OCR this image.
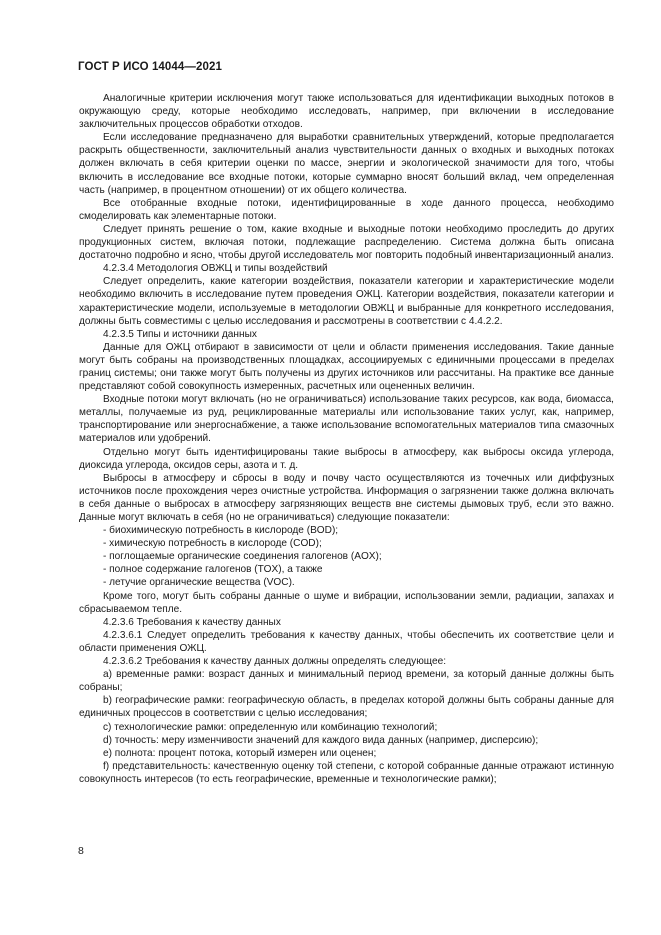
ГОСТ Р ИСО 14044—2021

Аналогичные критерии исключения могут также использоваться для идентификации выходных потоков в окружающую среду, которые необходимо исследовать, например, при включении в исследование заключительных процессов обработки отходов.

Если исследование предназначено для выработки сравнительных утверждений, которые предполагается раскрыть общественности, заключительный анализ чувствительности данных о входных и выходных потоках должен включать в себя критерии оценки по массе, энергии и экологической значимости для того, чтобы включить в исследование все входные потоки, которые суммарно вносят больший вклад, чем определенная часть (например, в процентном отношении) от их общего количества.

Все отобранные входные потоки, идентифицированные в ходе данного процесса, необходимо смоделировать как элементарные потоки.

Следует принять решение о том, какие входные и выходные потоки необходимо проследить до других продукционных систем, включая потоки, подлежащие распределению. Система должна быть описана достаточно подробно и ясно, чтобы другой исследователь мог повторить подобный инвентаризационный анализ.

4.2.3.4 Методология ОВЖЦ и типы воздействий

Следует определить, какие категории воздействия, показатели категории и характеристические модели необходимо включить в исследование путем проведения ОЖЦ. Категории воздействия, показатели категории и характеристические модели, используемые в методологии ОВЖЦ и выбранные для конкретного исследования, должны быть совместимы с целью исследования и рассмотрены в соответствии с 4.4.2.2.

4.2.3.5 Типы и источники данных

Данные для ОЖЦ отбирают в зависимости от цели и области применения исследования. Такие данные могут быть собраны на производственных площадках, ассоциируемых с единичными процессами в пределах границ системы; они также могут быть получены из других источников или рассчитаны. На практике все данные представляют собой совокупность измеренных, расчетных или оцененных величин.

Входные потоки могут включать (но не ограничиваться) использование таких ресурсов, как вода, биомасса, металлы, получаемые из руд, рециклированные материалы или использование таких услуг, как, например, транспортирование или энергоснабжение, а также использование вспомогательных материалов типа смазочных материалов или удобрений.

Отдельно могут быть идентифицированы такие выбросы в атмосферу, как выбросы оксида углерода, диоксида углерода, оксидов серы, азота и т. д.

Выбросы в атмосферу и сбросы в воду и почву часто осуществляются из точечных или диффузных источников после прохождения через очистные устройства. Информация о загрязнении также должна включать в себя данные о выбросах в атмосферу загрязняющих веществ вне системы дымовых труб, если это важно. Данные могут включать в себя (но не ограничиваться) следующие показатели:

- биохимическую потребность в кислороде (BOD);

- химическую потребность в кислороде (COD);

- поглощаемые органические соединения галогенов (AOX);

- полное содержание галогенов (TOX), а также

- летучие органические вещества (VOC).

Кроме того, могут быть собраны данные о шуме и вибрации, использовании земли, радиации, запахах и сбрасываемом тепле.

4.2.3.6 Требования к качеству данных

4.2.3.6.1 Следует определить требования к качеству данных, чтобы обеспечить их соответствие цели и области применения ОЖЦ.

4.2.3.6.2 Требования к качеству данных должны определять следующее:

a) временные рамки: возраст данных и минимальный период времени, за который данные должны быть собраны;

b) географические рамки: географическую область, в пределах которой должны быть собраны данные для единичных процессов в соответствии с целью исследования;

c) технологические рамки: определенную или комбинацию технологий;

d) точность: меру изменчивости значений для каждого вида данных (например, дисперсию);

e) полнота: процент потока, который измерен или оценен;

f) представительность: качественную оценку той степени, с которой собранные данные отражают истинную совокупность интересов (то есть географические, временные и технологические рамки);

8
